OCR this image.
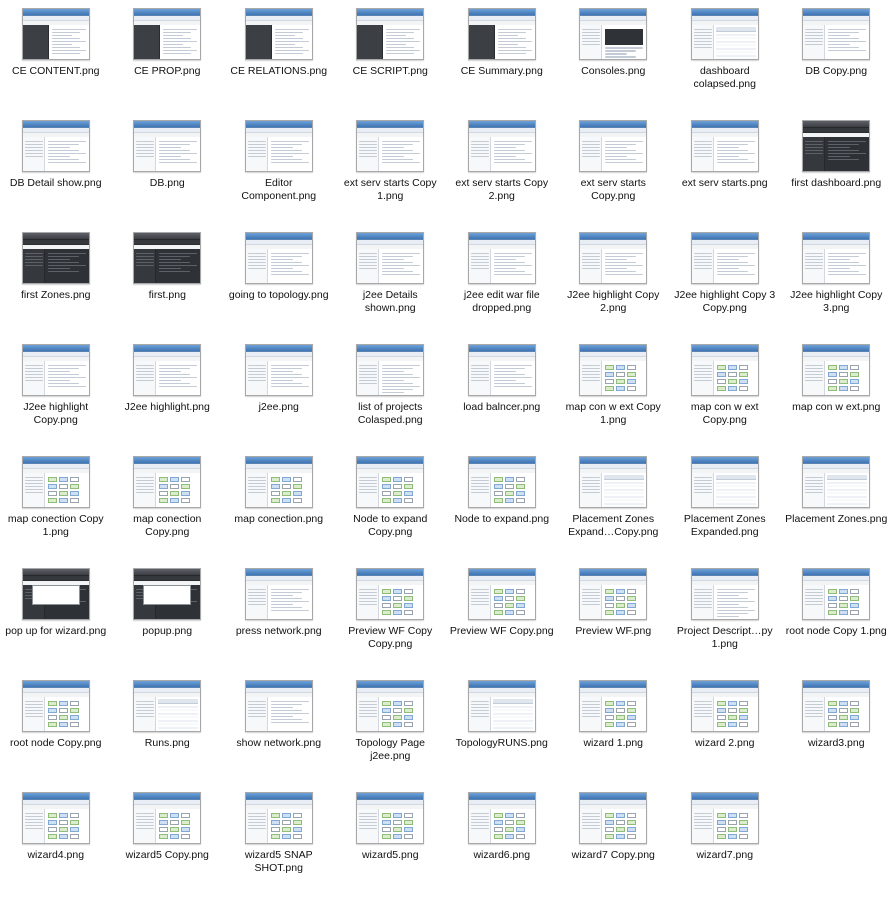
CE CONTENT.png	CE PROP.png	CE RELATIONS.png	CE SCRIPT.png	CE Summary.png	Consoles.png	dashboard colapsed.png
DB Copy.png
DB Detail show.png	DB.png	Editor Component.png
ext serv starts Copy 1.png
ext serv starts Copy 2.png
ext serv starts Copy.png
ext serv starts.png	first dashboard.png
first Zones.png	first.png	going to topology.png	j2ee Details shown.png
j2ee edit war file dropped.png
J2ee highlight Copy 2.png
J2ee highlight Copy 3 Copy.png
J2ee highlight Copy 3.png
J2ee highlight Copy.png
J2ee highlight.png	j2ee.png	list of projects Colasped.png
load balncer.png	map con w ext Copy 1.png
map con w ext Copy.png
map con w ext.png
map conection Copy 1.png
map conection Copy.png
map conection.png	Node to expand Copy.png
Node to expand.png	Placement Zones Expand…Copy.png
Placement Zones Expanded.png
Placement Zones.png
pop up for wizard.png	popup.png	press network.png	Preview WF Copy Copy.png
Preview WF Copy.png	Preview WF.png	Project Descript…py 1.png
root node Copy 1.png
root node Copy.png	Runs.png	show network.png	Topology Page j2ee.png
TopologyRUNS.png	wizard 1.png	wizard 2.png	wizard3.png
wizard4.png	wizard5 Copy.png	wizard5 SNAP SHOT.png
wizard5.png	wizard6.png	wizard7 Copy.png	wizard7.png
